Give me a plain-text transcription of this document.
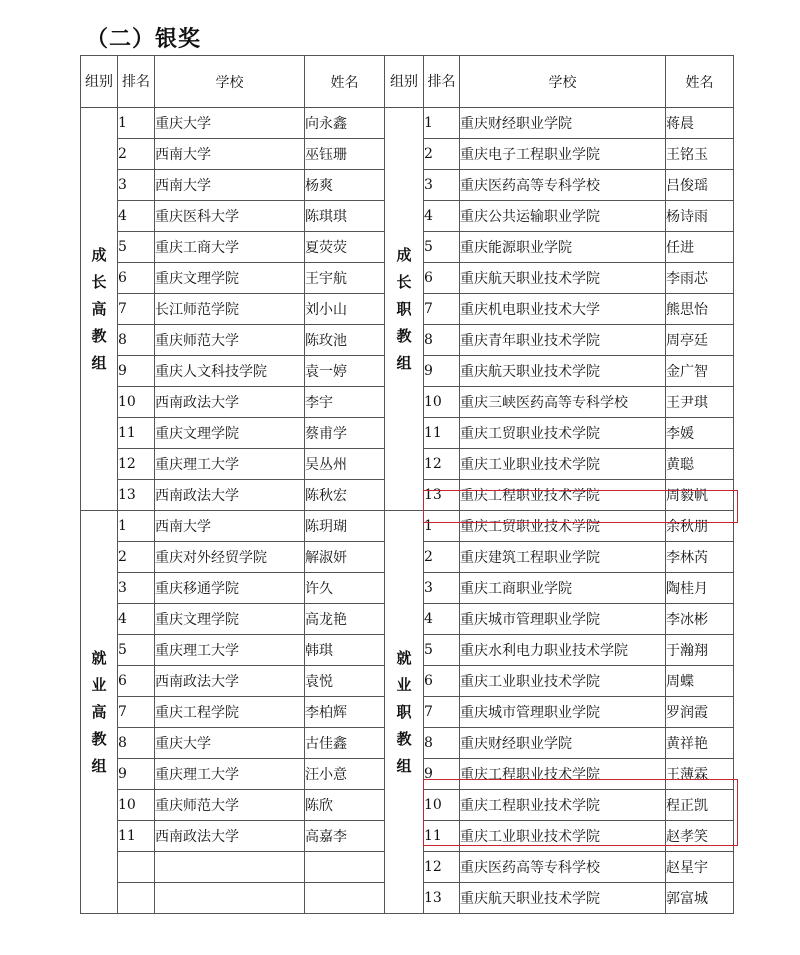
（二）银奖
组别	排名	学校	姓名	组别	排名	学校	姓名
成长高教组	1	重庆大学	向永鑫	成长职教组	1	重庆财经职业学院	蒋晨
	2	西南大学	巫钰珊		2	重庆电子工程职业学院	王铭玉
	3	西南大学	杨爽		3	重庆医药高等专科学校	吕俊瑶
	4	重庆医科大学	陈琪琪		4	重庆公共运输职业学院	杨诗雨
	5	重庆工商大学	夏荧荧		5	重庆能源职业学院	任进
	6	重庆文理学院	王宇航		6	重庆航天职业技术学院	李雨芯
	7	长江师范学院	刘小山		7	重庆机电职业技术大学	熊思怡
	8	重庆师范大学	陈玫池		8	重庆青年职业技术学院	周亭廷
	9	重庆人文科技学院	袁一婷		9	重庆航天职业技术学院	金广智
	10	西南政法大学	李宇		10	重庆三峡医药高等专科学校	王尹琪
	11	重庆文理学院	蔡甫学		11	重庆工贸职业技术学院	李媛
	12	重庆理工大学	吴丛州		12	重庆工业职业技术学院	黄聪
	13	西南政法大学	陈秋宏		13	重庆工程职业技术学院	周毅帆
就业高教组	1	西南大学	陈玥瑚	就业职教组	1	重庆工贸职业技术学院	余秋朋
	2	重庆对外经贸学院	解淑妍		2	重庆建筑工程职业学院	李林芮
	3	重庆移通学院	许久		3	重庆工商职业学院	陶桂月
	4	重庆文理学院	高龙艳		4	重庆城市管理职业学院	李冰彬
	5	重庆理工大学	韩琪		5	重庆水利电力职业技术学院	于瀚翔
	6	西南政法大学	袁悦		6	重庆工业职业技术学院	周蝶
	7	重庆工程学院	李柏辉		7	重庆城市管理职业学院	罗润霞
	8	重庆大学	古佳鑫		8	重庆财经职业学院	黄祥艳
	9	重庆理工大学	汪小意		9	重庆工程职业技术学院	王薄霖
	10	重庆师范大学	陈欣		10	重庆工程职业技术学院	程正凯
	11	西南政法大学	高嘉李		11	重庆工业职业技术学院	赵孝笑
					12	重庆医药高等专科学校	赵星宇
					13	重庆航天职业技术学院	郭富城
